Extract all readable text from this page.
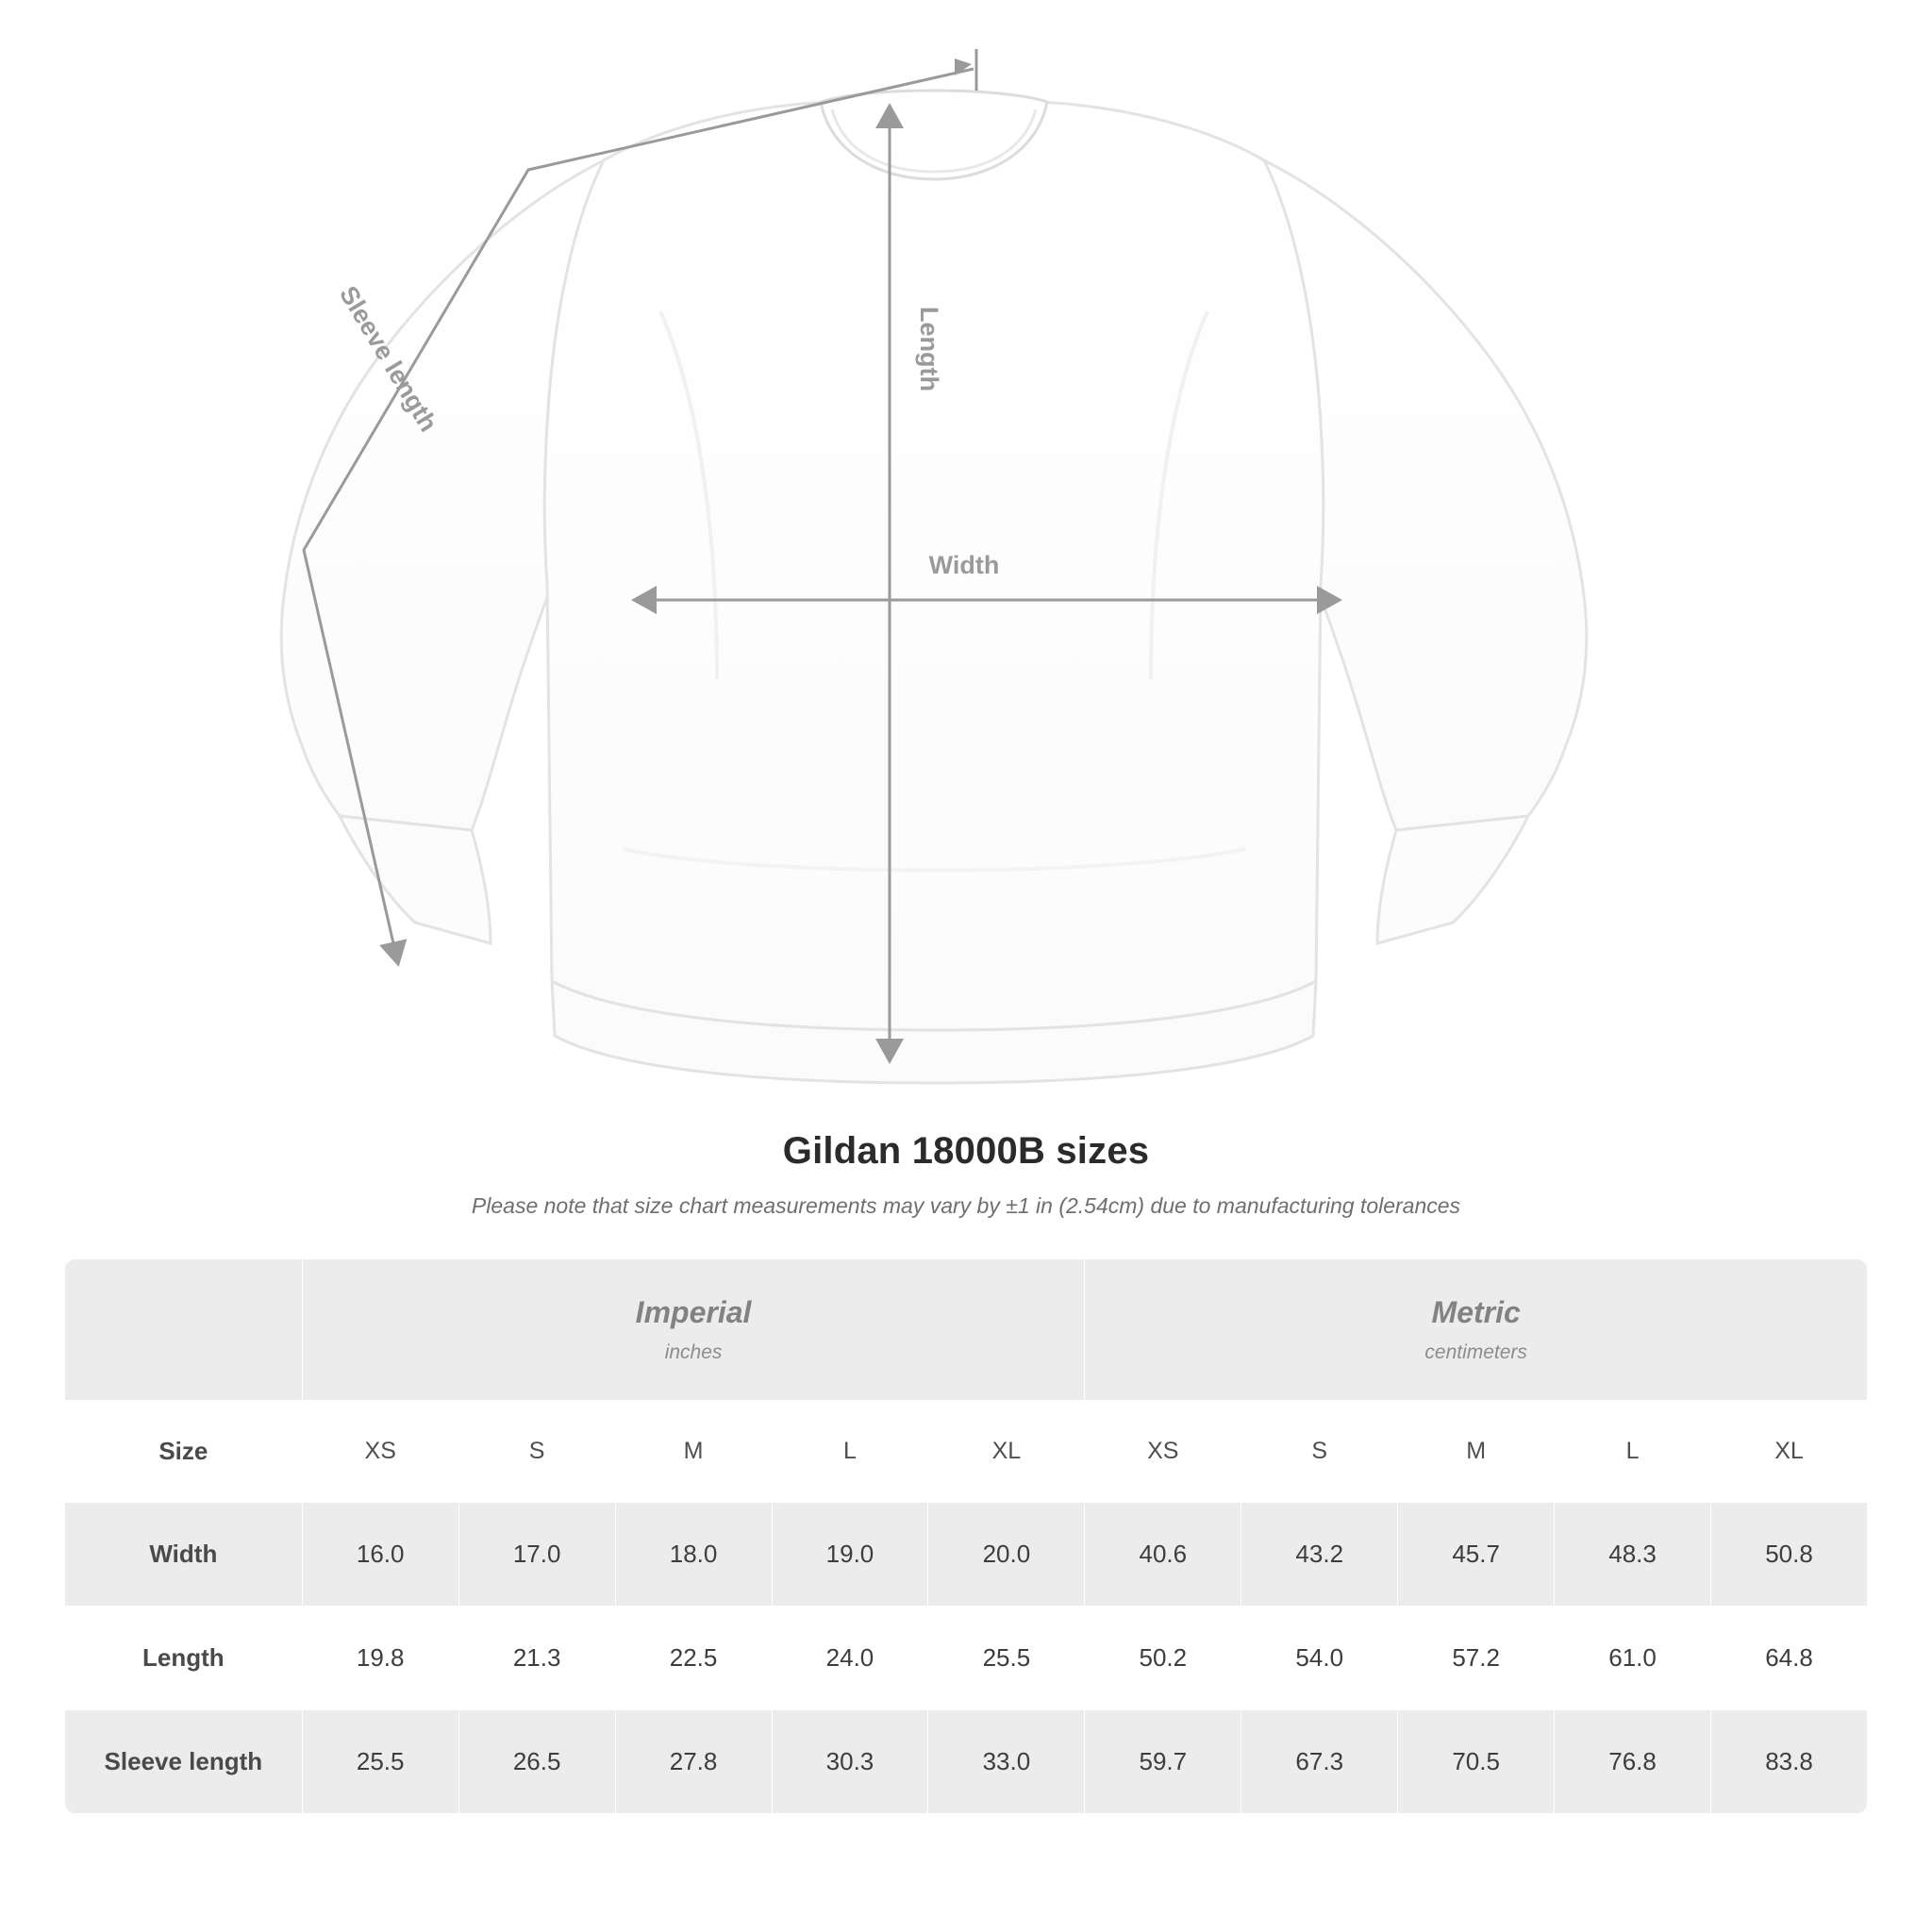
Length
Width
Sleeve length
Gildan 18000B sizes
Please note that size chart measurements may vary by ±1 in (2.54cm) due to manufacturing tolerances

Imperial
inches

Metric
centimeters

Size	XS	S	M	L	XL	XS	S	M	L	XL
Width	16.0	17.0	18.0	19.0	20.0	40.6	43.2	45.7	48.3	50.8
Length	19.8	21.3	22.5	24.0	25.5	50.2	54.0	57.2	61.0	64.8
Sleeve length	25.5	26.5	27.8	30.3	33.0	59.7	67.3	70.5	76.8	83.8
